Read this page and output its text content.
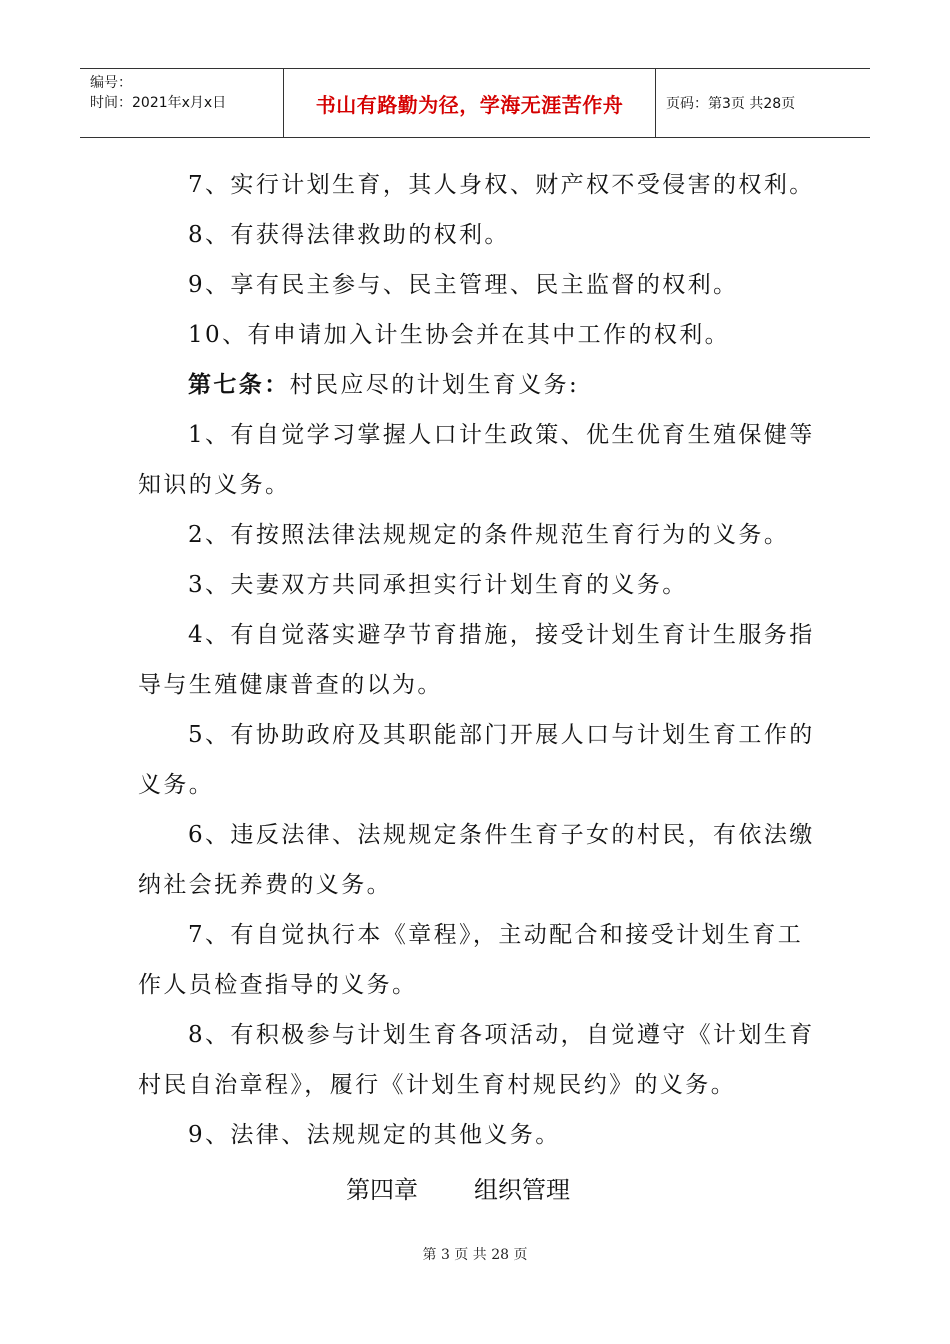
编号：
时间：2021年x月x日	书山有路勤为径，学海无涯苦作舟	页码：第3页 共28页

7、实行计划生育，其人身权、财产权不受侵害的权利。

8、有获得法律救助的权利。

9、享有民主参与、民主管理、民主监督的权利。

10、有申请加入计生协会并在其中工作的权利。

第七条：村民应尽的计划生育义务:

1、有自觉学习掌握人口计生政策、优生优育生殖保健等

知识的义务。

2、有按照法律法规规定的条件规范生育行为的义务。

3、夫妻双方共同承担实行计划生育的义务。

4、有自觉落实避孕节育措施，接受计划生育计生服务指

导与生殖健康普查的以为。

5、有协助政府及其职能部门开展人口与计划生育工作的

义务。

6、违反法律、法规规定条件生育子女的村民，有依法缴

纳社会抚养费的义务。

7、有自觉执行本《章程》，主动配合和接受计划生育工

作人员检查指导的义务。

8、有积极参与计划生育各项活动，自觉遵守《计划生育

村民自治章程》，履行《计划生育村规民约》的义务。

9、法律、法规规定的其他义务。

第四章 组织管理

第 3 页 共 28 页
